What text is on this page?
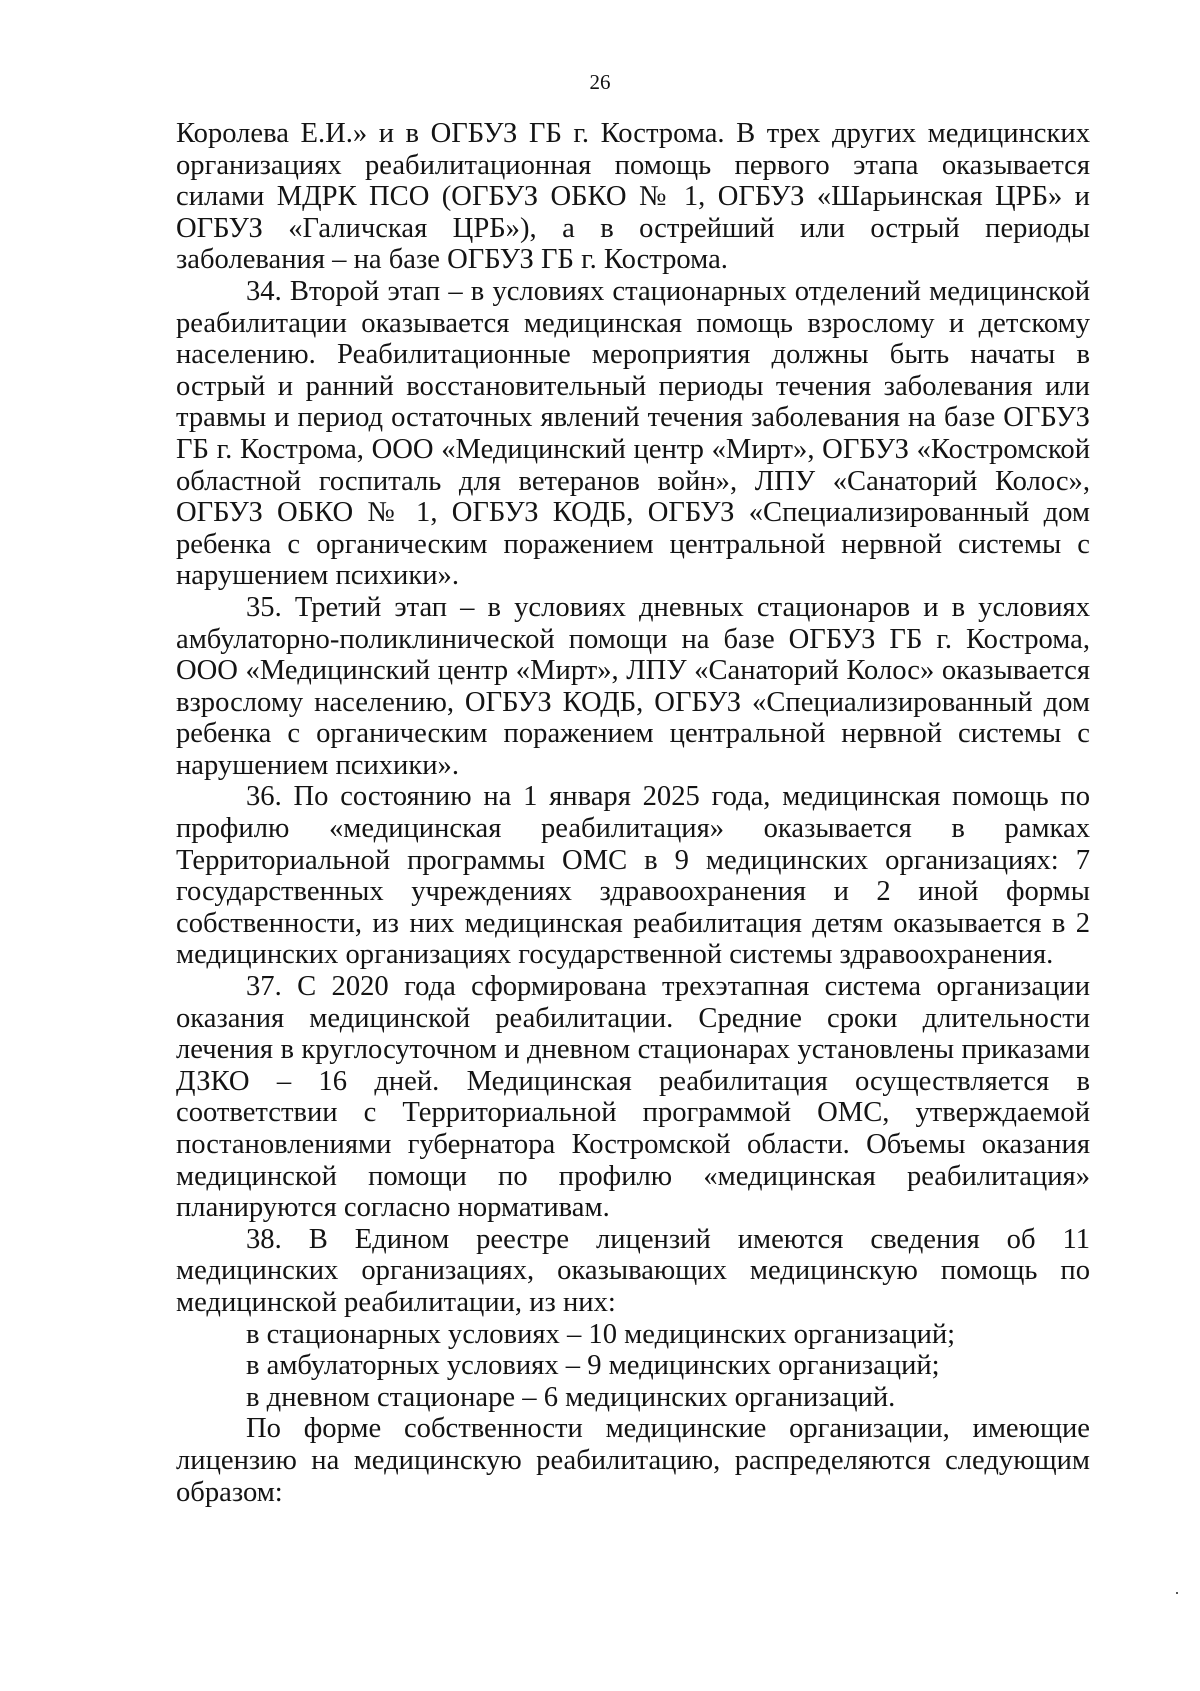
26

Королева Е.И.» и в ОГБУЗ ГБ г. Кострома. В трех других медицинских организациях реабилитационная помощь первого этапа оказывается силами МДРК ПСО (ОГБУЗ ОБКО № 1, ОГБУЗ «Шарьинская ЦРБ» и ОГБУЗ «Галичская ЦРБ»), а в острейший или острый периоды заболевания – на базе ОГБУЗ ГБ г. Кострома.

34. Второй этап – в условиях стационарных отделений медицинской реабилитации оказывается медицинская помощь взрослому и детскому населению. Реабилитационные мероприятия должны быть начаты в острый и ранний восстановительный периоды течения заболевания или травмы и период остаточных явлений течения заболевания на базе ОГБУЗ ГБ г. Кострома, ООО «Медицинский центр «Мирт», ОГБУЗ «Костромской областной госпиталь для ветеранов войн», ЛПУ «Санаторий Колос», ОГБУЗ ОБКО № 1, ОГБУЗ КОДБ, ОГБУЗ «Специализированный дом ребенка с органическим поражением центральной нервной системы с нарушением психики».

35. Третий этап – в условиях дневных стационаров и в условиях амбулаторно-поликлинической помощи на базе ОГБУЗ ГБ г. Кострома, ООО «Медицинский центр «Мирт», ЛПУ «Санаторий Колос» оказывается взрослому населению, ОГБУЗ КОДБ, ОГБУЗ «Специализированный дом ребенка с органическим поражением центральной нервной системы с нарушением психики».

36. По состоянию на 1 января 2025 года, медицинская помощь по профилю «медицинская реабилитация» оказывается в рамках Территориальной программы ОМС в 9 медицинских организациях: 7 государственных учреждениях здравоохранения и 2 иной формы собственности, из них медицинская реабилитация детям оказывается в 2 медицинских организациях государственной системы здравоохранения.

37. С 2020 года сформирована трехэтапная система организации оказания медицинской реабилитации. Средние сроки длительности лечения в круглосуточном и дневном стационарах установлены приказами ДЗКО – 16 дней. Медицинская реабилитация осуществляется в соответствии с Территориальной программой ОМС, утверждаемой постановлениями губернатора Костромской области. Объемы оказания медицинской помощи по профилю «медицинская реабилитация» планируются согласно нормативам.

38. В Едином реестре лицензий имеются сведения об 11 медицинских организациях, оказывающих медицинскую помощь по медицинской реабилитации, из них:

в стационарных условиях – 10 медицинских организаций;

в амбулаторных условиях – 9 медицинских организаций;

в дневном стационаре – 6 медицинских организаций.

По форме собственности медицинские организации, имеющие лицензию на медицинскую реабилитацию, распределяются следующим образом:
